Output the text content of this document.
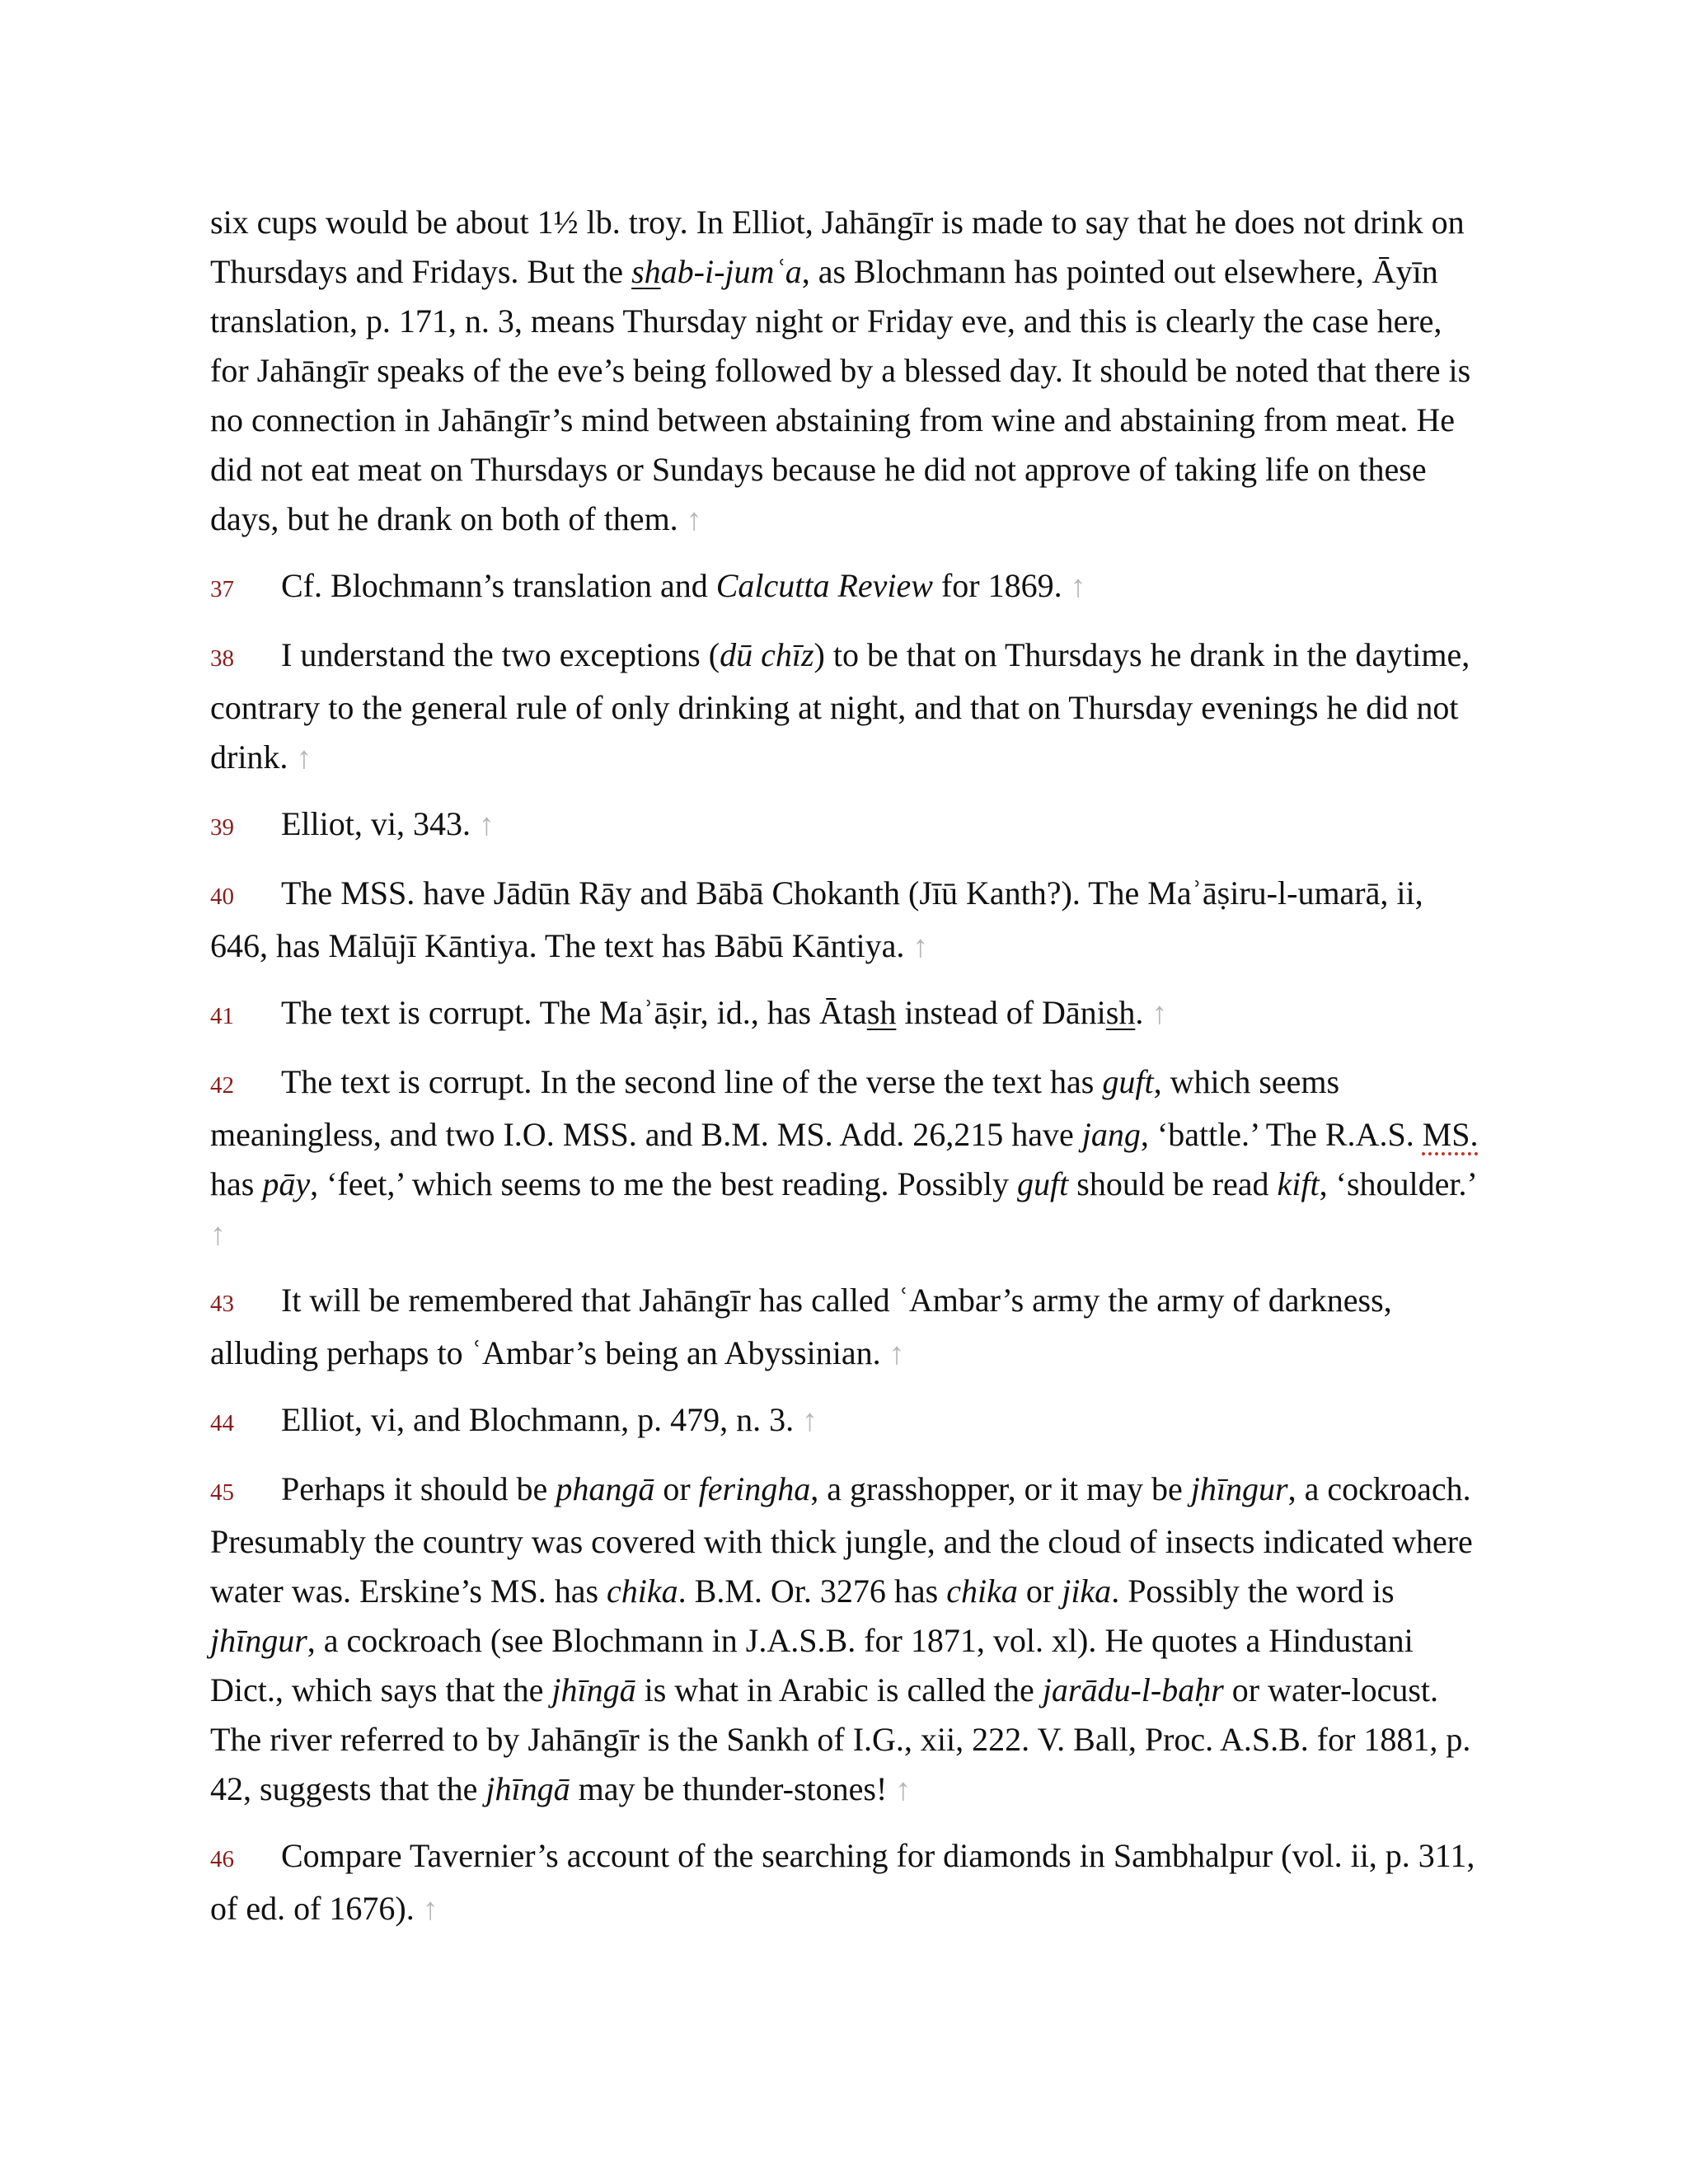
six cups would be about 1½ lb. troy. In Elliot, Jahāngīr is made to say that he does not drink on Thursdays and Fridays. But the shab-i-jumʿa, as Blochmann has pointed out elsewhere, Āyīn translation, p. 171, n. 3, means Thursday night or Friday eve, and this is clearly the case here, for Jahāngīr speaks of the eve’s being followed by a blessed day. It should be noted that there is no connection in Jahāngīr’s mind between abstaining from wine and abstaining from meat. He did not eat meat on Thursdays or Sundays because he did not approve of taking life on these days, but he drank on both of them. ↑

37 Cf. Blochmann’s translation and Calcutta Review for 1869. ↑

38 I understand the two exceptions (dū chīz) to be that on Thursdays he drank in the daytime, contrary to the general rule of only drinking at night, and that on Thursday evenings he did not drink. ↑

39 Elliot, vi, 343. ↑

40 The MSS. have Jādūn Rāy and Bābā Chokanth (Jīū Kanth?). The Maʾāṣiru-l-umarā, ii, 646, has Mālūjī Kāntiya. The text has Bābū Kāntiya. ↑

41 The text is corrupt. The Maʾāṣir, id., has Ātash instead of Dānish. ↑

42 The text is corrupt. In the second line of the verse the text has guft, which seems meaningless, and two I.O. MSS. and B.M. MS. Add. 26,215 have jang, ‘battle.’ The R.A.S. MS. has pāy, ‘feet,’ which seems to me the best reading. Possibly guft should be read kift, ‘shoulder.’ ↑

43 It will be remembered that Jahāngīr has called ʿAmbar’s army the army of darkness, alluding perhaps to ʿAmbar’s being an Abyssinian. ↑

44 Elliot, vi, and Blochmann, p. 479, n. 3. ↑

45 Perhaps it should be phangā or feringha, a grasshopper, or it may be jhīngur, a cockroach. Presumably the country was covered with thick jungle, and the cloud of insects indicated where water was. Erskine’s MS. has chika. B.M. Or. 3276 has chika or jika. Possibly the word is jhīngur, a cockroach (see Blochmann in J.A.S.B. for 1871, vol. xl). He quotes a Hindustani Dict., which says that the jhīngā is what in Arabic is called the jarādu-l-baḥr or water-locust. The river referred to by Jahāngīr is the Sankh of I.G., xii, 222. V. Ball, Proc. A.S.B. for 1881, p. 42, suggests that the jhīngā may be thunder-stones! ↑

46 Compare Tavernier’s account of the searching for diamonds in Sambhalpur (vol. ii, p. 311, of ed. of 1676). ↑
